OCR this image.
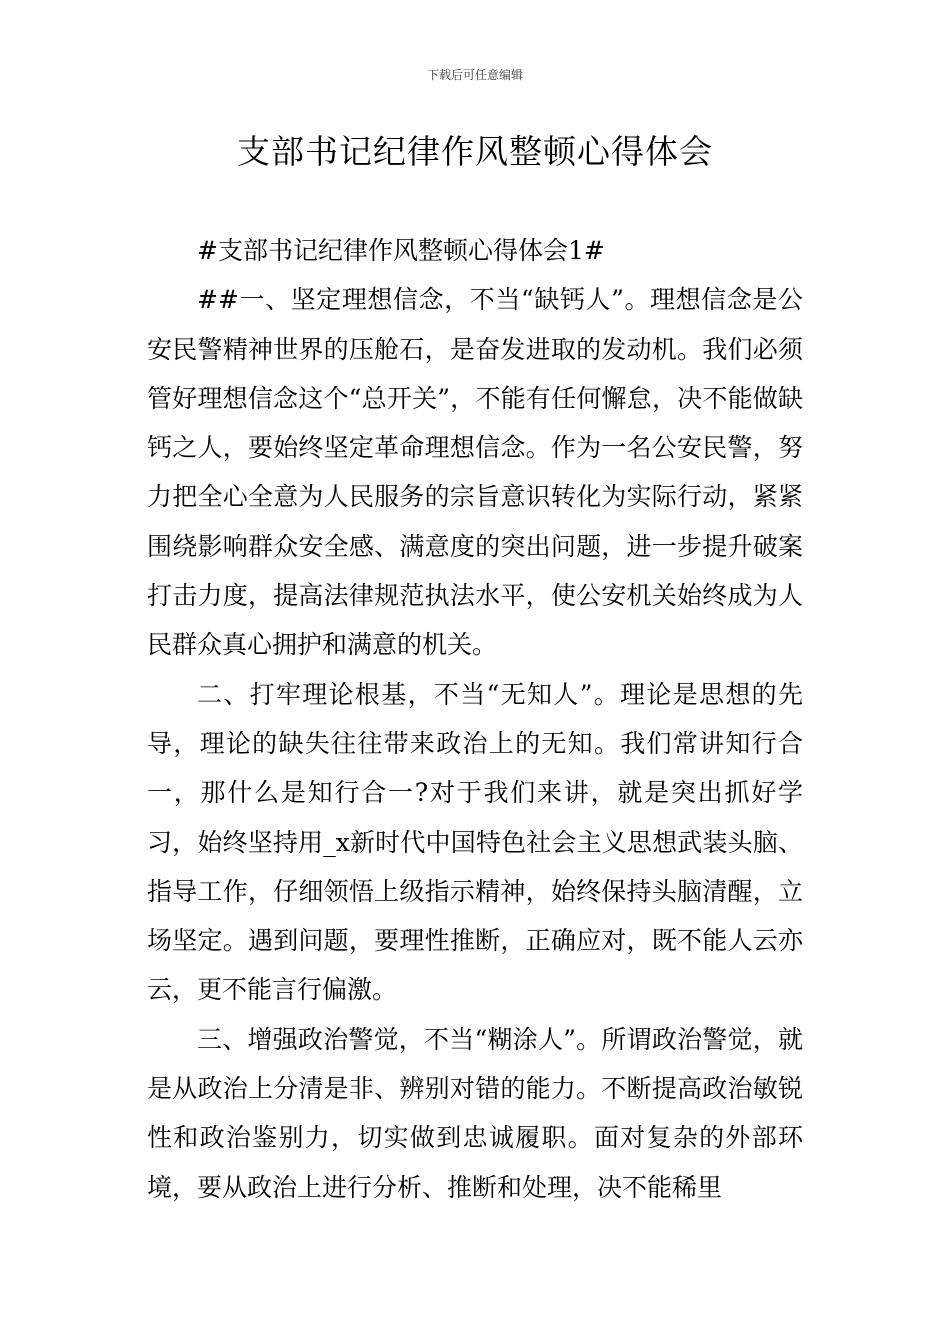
下载后可任意编辑
支部书记纪律作风整顿心得体会

#支部书记纪律作风整顿心得体会1#

##一、坚定理想信念，不当“缺钙人”。理想信念是公安民警精神世界的压舱石，是奋发进取的发动机。我们必须管好理想信念这个“总开关”，不能有任何懈怠，决不能做缺钙之人，要始终坚定革命理想信念。作为一名公安民警，努力把全心全意为人民服务的宗旨意识转化为实际行动，紧紧围绕影响群众安全感、满意度的突出问题，进一步提升破案打击力度，提高法律规范执法水平，使公安机关始终成为人民群众真心拥护和满意的机关。

二、打牢理论根基，不当“无知人”。理论是思想的先导，理论的缺失往往带来政治上的无知。我们常讲知行合一，那什么是知行合一?对于我们来讲，就是突出抓好学习，始终坚持用_x新时代中国特色社会主义思想武装头脑、指导工作，仔细领悟上级指示精神，始终保持头脑清醒，立场坚定。遇到问题，要理性推断，正确应对，既不能人云亦云，更不能言行偏激。

三、增强政治警觉，不当“糊涂人”。所谓政治警觉，就是从政治上分清是非、辨别对错的能力。不断提高政治敏锐性和政治鉴别力，切实做到忠诚履职。面对复杂的外部环境，要从政治上进行分析、推断和处理，决不能稀里
